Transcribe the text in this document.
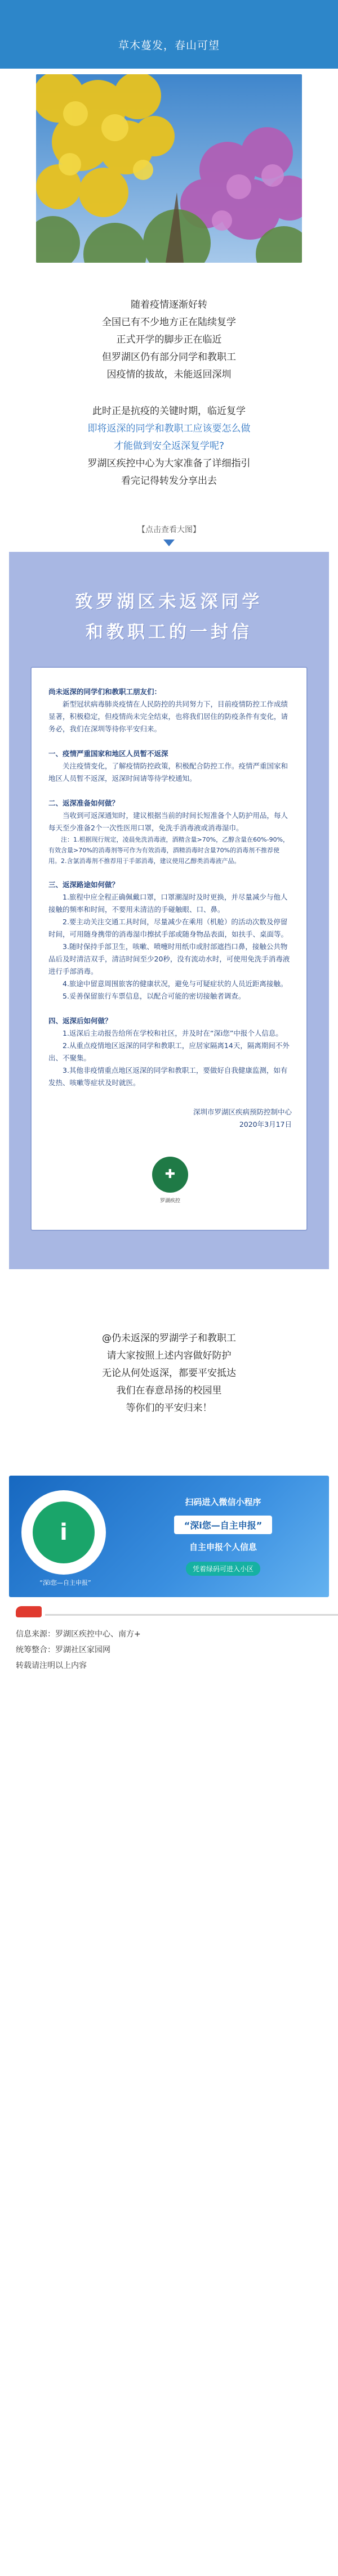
草木蔓发，春山可望

随着疫情逐渐好转

全国已有不少地方正在陆续复学

正式开学的脚步正在临近

但罗湖区仍有部分同学和教职工

因疫情的拔故，未能返回深圳

此时正是抗疫的关键时期，临近复学

即将返深的同学和教职工应该要怎么做

才能做到安全返深复学呢?

罗湖区疾控中心为大家准备了详细指引

看完记得转发分享出去

【点击查看大图】
致罗湖区未返深同学
和教职工的一封信

尚未返深的同学们和教职工朋友们：

新型冠状病毒肺炎疫情在人民防控的共同努力下，目前疫情防控工作成绩显著，积极稳定，但疫情尚未完全结束，也将我们居住的防疫条件有变化，请务必，我们在深圳等待你平安归来。

一、疫情严重国家和地区人员暂不返深

关注疫情变化，了解疫情防控政策，积极配合防控工作。疫情严重国家和地区人员暂不返深，返深时间请等待学校通知。

二、返深准备如何做？

当收到可返深通知时，建议根据当前的时间长短准备个人防护用品，每人每天至少准备2个一次性医用口罩，免洗手消毒液或消毒湿巾。

注：1.根据现行规定，凌晨免洗消毒液，酒精含量>70%，乙醇含量在60%-90%，有效含量>70%的消毒剂等可作为有效消毒，酒精消毒时含量70%的消毒剂不推荐使用。2.含氯消毒剂不推荐用于手部消毒，建议使用乙醇类消毒液产品。

三、返深路途如何做？

1.旅程中应全程正确佩戴口罩，口罩潮湿时及时更换，并尽量减少与他人接触的频率和时间，不要用未清洁的手碰触眼、口、鼻。

2.要主动关注交通工具时间，尽量减少在乘用（机舱）的活动次数及停留时间，可用随身携带的消毒湿巾擦拭手部或随身物品表面，如扶手、桌面等。

3.随时保持手部卫生，咳嗽、喷嚏时用纸巾或肘部遮挡口鼻，接触公共物品后及时清洁双手，清洁时间至少20秒，没有流动水时，可使用免洗手消毒液进行手部消毒。

4.旅途中留意周围旅客的健康状况，避免与可疑症状的人员近距离接触。

5.妥善保留旅行车票信息，以配合可能的密切接触者调查。

四、返深后如何做？

1.返深后主动报告给所在学校和社区，并及时在“深i您”中报个人信息。

2.从重点疫情地区返深的同学和教职工，应居家隔离14天，隔离期间不外出、不聚集。

3.其他非疫情重点地区返深的同学和教职工，要做好自我健康监测，如有发热、咳嗽等症状及时就医。

深圳市罗湖区疾病预防控制中心

2020年3月17日

✚
罗湖疾控

@仍未返深的罗湖学子和教职工

请大家按照上述内容做好防护

无论从何处返深，都要平安抵达

我们在春意昂扬的校园里

等你们的平安归来！

i
“深i您—自主申报”
扫码进入微信小程序
“深i您—自主申报”
自主申报个人信息
凭着绿码可进入小区

信息来源：罗湖区疾控中心、南方+

统筹整合：罗湖社区家园网

转载请注明以上内容
